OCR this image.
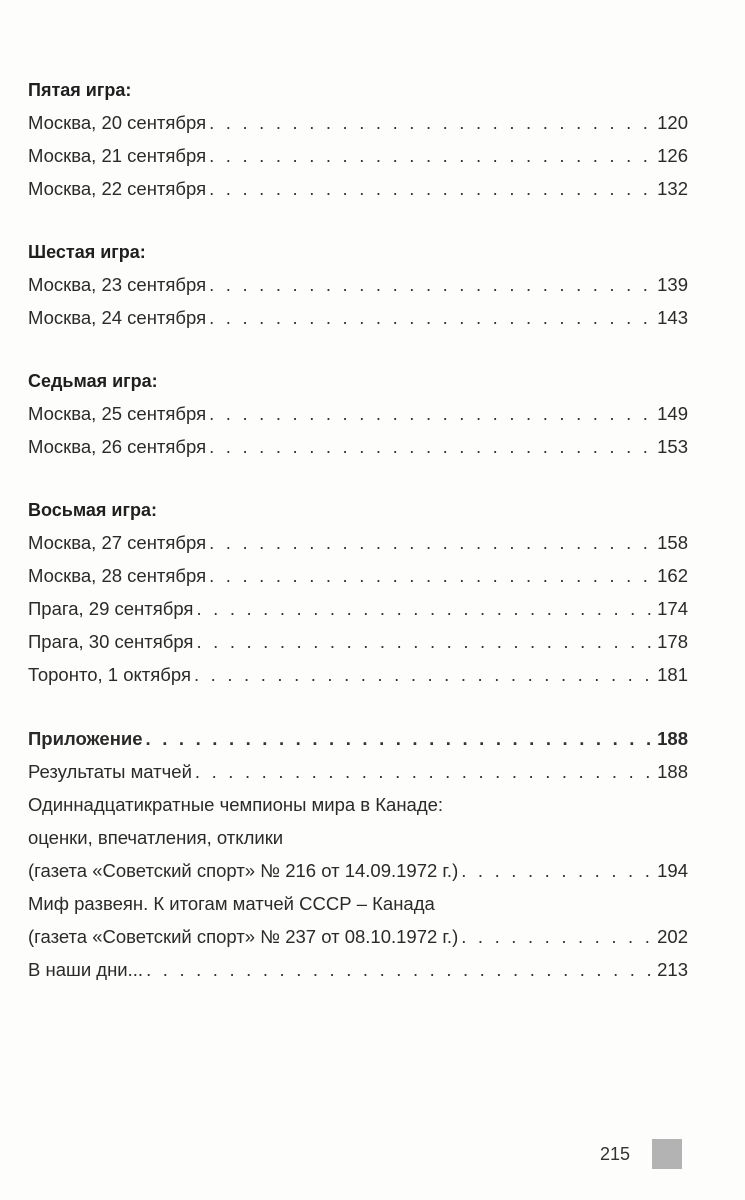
Пятая игра:
Москва, 20 сентября . . .	120
Москва, 21 сентября . . .	126
Москва, 22 сентября . . .	132
Шестая игра:
Москва, 23 сентября . . .	139
Москва, 24 сентября . . .	143
Седьмая игра:
Москва, 25 сентября . . .	149
Москва, 26 сентября . . .	153
Восьмая игра:
Москва, 27 сентября . . .	158
Москва, 28 сентября . . .	162
Прага, 29 сентября . . .	174
Прага, 30 сентября . . .	178
Торонто, 1 октября . . .	181
Приложение . . .	188
Результаты матчей . . .	188
Одиннадцатикратные чемпионы мира в Канаде:
оценки, впечатления, отклики
(газета «Советский спорт» № 216 от 14.09.1972 г.) . . .	194
Миф развеян. К итогам матчей СССР – Канада
(газета «Советский спорт» № 237 от 08.10.1972 г.) . . .	202
В наши дни... . . .	213
215
